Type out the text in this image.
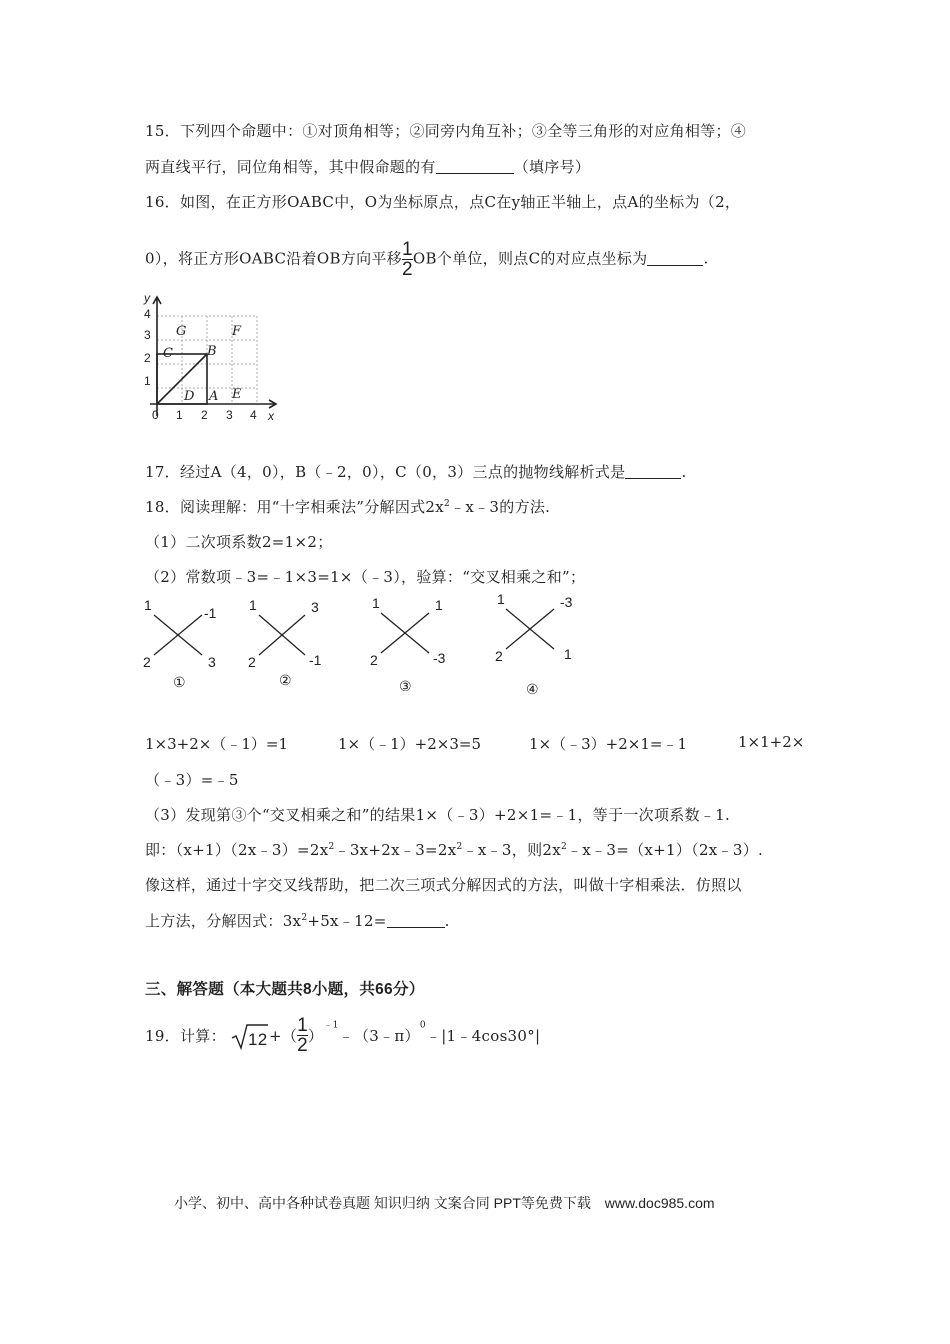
15．下列四个命题中：①对顶角相等；②同旁内角互补；③全等三角形的对应角相等；④
两直线平行，同位角相等，其中假命题的有	（填序号）
16．如图，在正方形OABC中，O为坐标原点，点C在y轴正半轴上，点A的坐标为（2，
0），将正方形OABC沿着OB方向平移 $\frac{1}{2}$ OB个单位，则点C的对应点坐标为	.
y
x
0 1 2 3 4
1
2
3
4
G	F
C	B
D A E
17．经过A（4，0），B（﹣2，0），C（0，3）三点的抛物线解析式是	.
18．阅读理解：用“十字相乘法”分解因式$2x^2﹣x﹣3$的方法.
（1）二次项系数2=1×2；
（2）常数项﹣3=﹣1×3=1×（﹣3），验算：“交叉相乘之和”；
1	-1
2	3
①
1	3
2	-1
②
1	1
2	-3
③
1	-3
2	1
④
1×3+2×（﹣1）=1	1×（﹣1）+2×3=5	1×（﹣3）+2×1=﹣1	1×1+2×
（﹣3）=﹣5
（3）发现第③个“交叉相乘之和”的结果1×（﹣3）+2×1=﹣1，等于一次项系数﹣1.
即：$(x+1)(2x﹣3)=2x^2﹣3x+2x﹣3=2x^2﹣x﹣3$，则$2x^2﹣x﹣3=(x+1)(2x﹣3)$.
像这样，通过十字交叉线帮助，把二次三项式分解因式的方法，叫做十字相乘法．仿照以
上方法，分解因式：$3x^2+5x﹣12=$	.
三、解答题（本大题共8小题，共66分）
19．计算： 12 +（ $\frac{1}{2}$ ）$^{﹣1}$﹣（3﹣π）$^0$﹣|1﹣4cos30°|
小学、初中、高中各种试卷真题 知识归纳 文案合同 PPT等免费下载 www.doc985.com
